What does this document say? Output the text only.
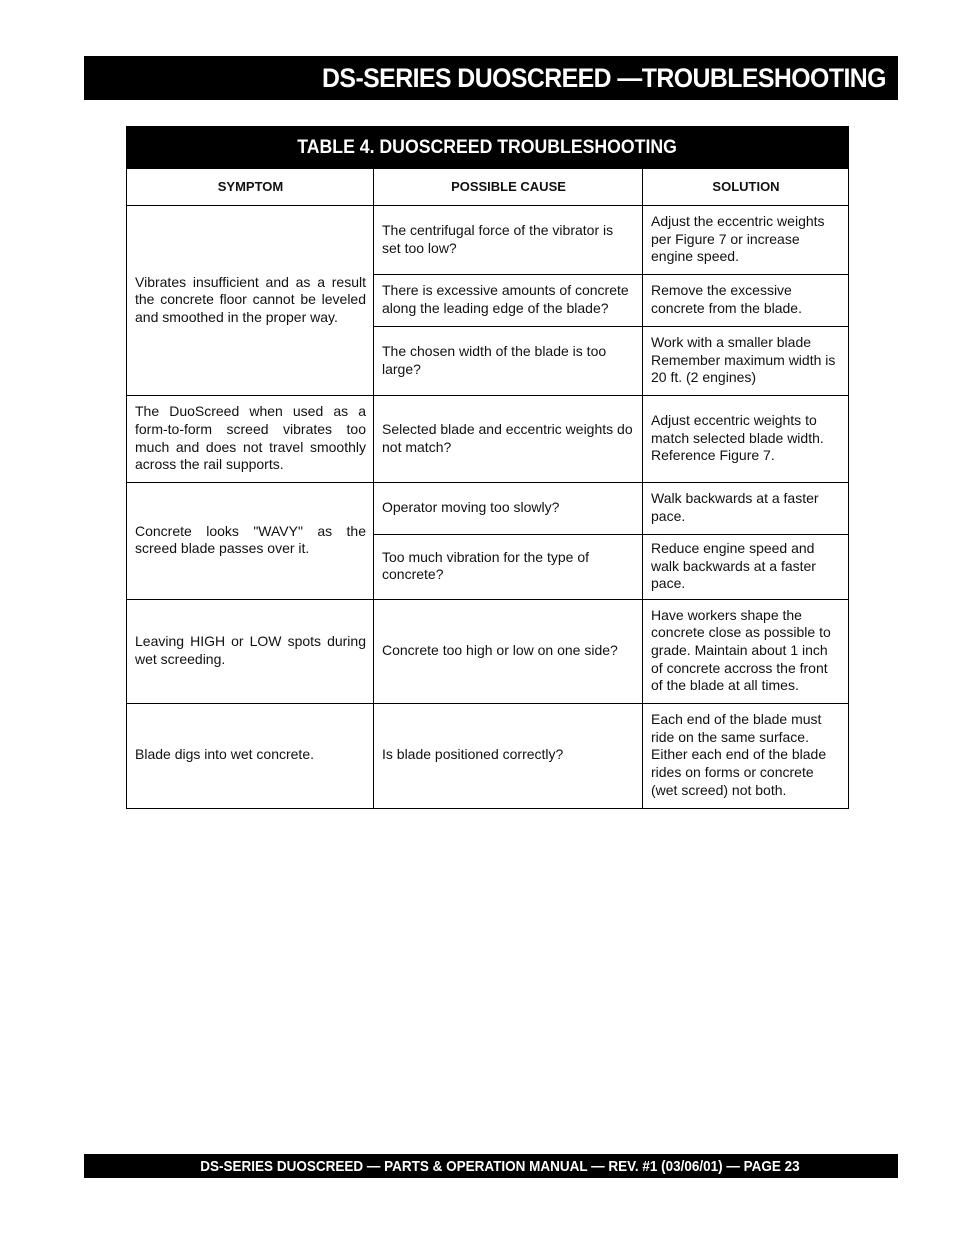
DS-SERIES DUOSCREED —TROUBLESHOOTING
TABLE 4. DUOSCREED TROUBLESHOOTING		
SYMPTOM	POSSIBLE CAUSE	SOLUTION
Vibrates insufficient and as a result the concrete floor cannot be leveled and smoothed in the proper way.	The centrifugal force of the vibrator is set too low?	Adjust the eccentric weights per Figure 7 or increase engine speed.
	There is excessive amounts of concrete along the leading edge of the blade?	Remove the excessive concrete from the blade.
	The chosen width of the blade is too large?	Work with a smaller blade Remember maximum width is 20 ft. (2 engines)
The DuoScreed when used as a form-to-form screed vibrates too much and does not travel smoothly across the rail supports.	Selected blade and eccentric weights do not match?	Adjust eccentric weights to match selected blade width. Reference Figure 7.
Concrete looks "WAVY" as the screed blade passes over it.	Operator moving too slowly?	Walk backwards at a faster pace.
	Too much vibration for the type of concrete?	Reduce engine speed and walk backwards at a faster pace.
Leaving HIGH or LOW spots during wet screeding.	Concrete too high or low on one side?	Have workers shape the concrete close as possible to grade. Maintain about 1 inch of concrete accross the front of the blade at all times.
Blade digs into wet concrete.	Is blade positioned correctly?	Each end of the blade must ride on the same surface. Either each end of the blade rides on forms or concrete (wet screed) not both.
DS-SERIES DUOSCREED — PARTS & OPERATION MANUAL — REV. #1 (03/06/01) — PAGE 23
